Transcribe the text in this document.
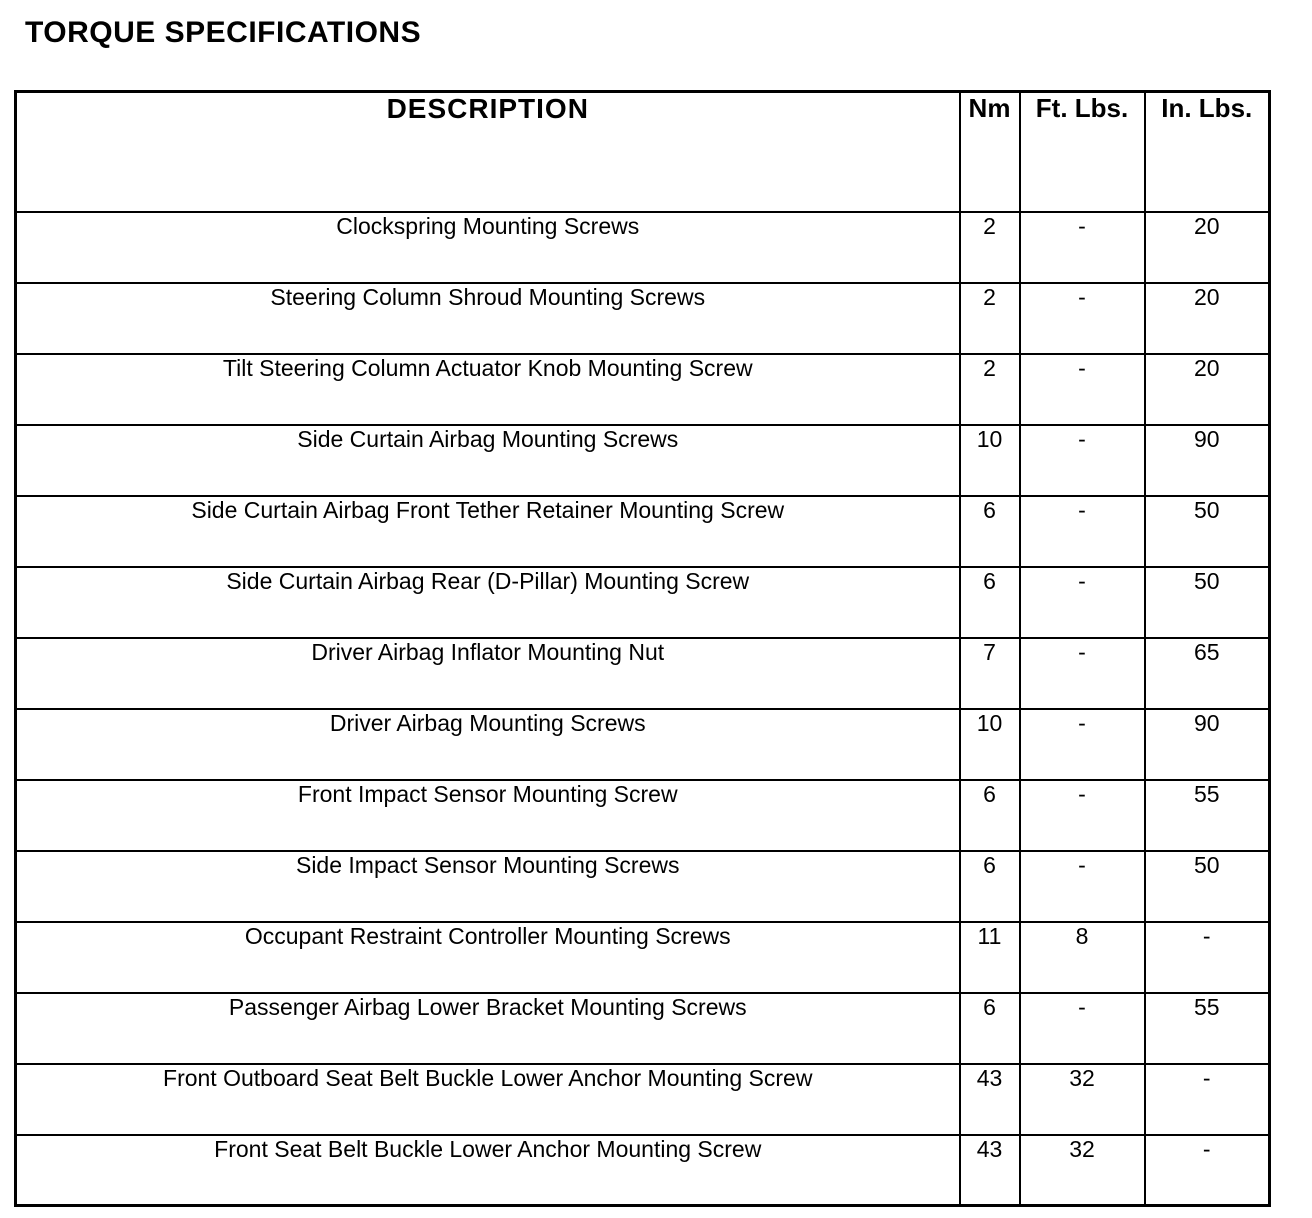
TORQUE SPECIFICATIONS
DESCRIPTION	Nm	Ft. Lbs.	In. Lbs.
Clockspring Mounting Screws	2	-	20
Steering Column Shroud Mounting Screws	2	-	20
Tilt Steering Column Actuator Knob Mounting Screw	2	-	20
Side Curtain Airbag Mounting Screws	10	-	90
Side Curtain Airbag Front Tether Retainer Mounting Screw	6	-	50
Side Curtain Airbag Rear (D-Pillar) Mounting Screw	6	-	50
Driver Airbag Inflator Mounting Nut	7	-	65
Driver Airbag Mounting Screws	10	-	90
Front Impact Sensor Mounting Screw	6	-	55
Side Impact Sensor Mounting Screws	6	-	50
Occupant Restraint Controller Mounting Screws	11	8	-
Passenger Airbag Lower Bracket Mounting Screws	6	-	55
Front Outboard Seat Belt Buckle Lower Anchor Mounting Screw	43	32	-
Front Seat Belt Buckle Lower Anchor Mounting Screw	43	32	-
